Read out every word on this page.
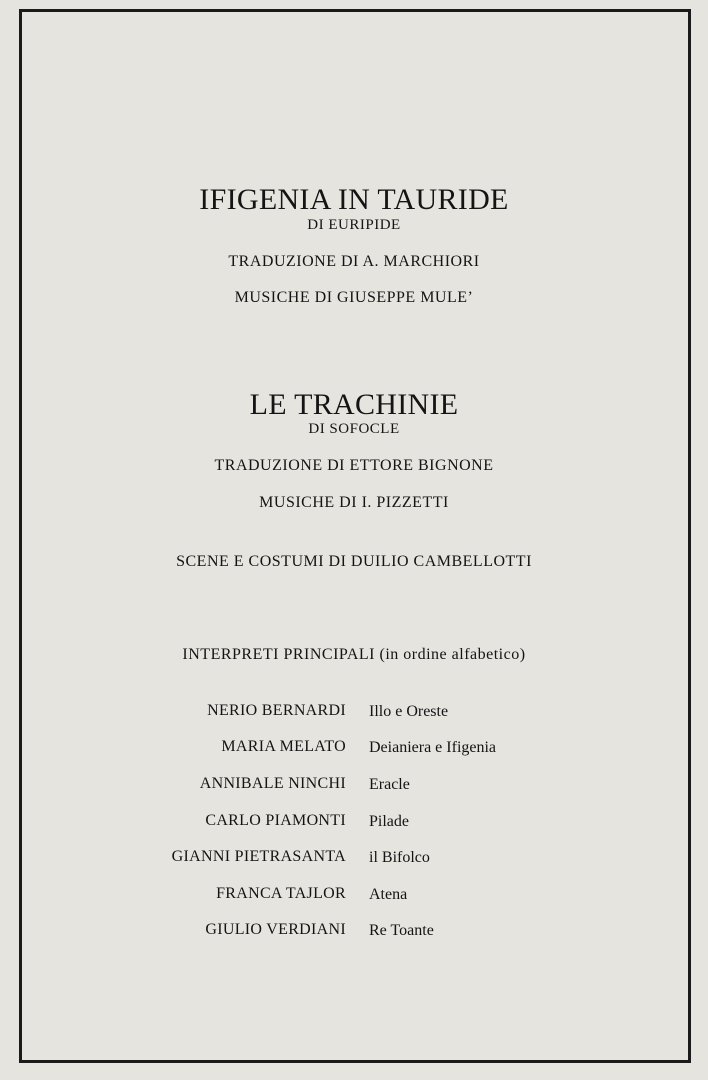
IFIGENIA IN TAURIDE
DI EURIPIDE
TRADUZIONE DI A. MARCHIORI
MUSICHE DI GIUSEPPE MULE’
LE TRACHINIE
DI SOFOCLE
TRADUZIONE DI ETTORE BIGNONE
MUSICHE DI I. PIZZETTI
SCENE E COSTUMI DI DUILIO CAMBELLOTTI
INTERPRETI PRINCIPALI (in ordine alfabetico)
NERIO BERNARDI Illo e Oreste
MARIA MELATO Deianiera e Ifigenia
ANNIBALE NINCHI Eracle
CARLO PIAMONTI Pilade
GIANNI PIETRASANTA il Bifolco
FRANCA TAJLOR Atena
GIULIO VERDIANI Re Toante
